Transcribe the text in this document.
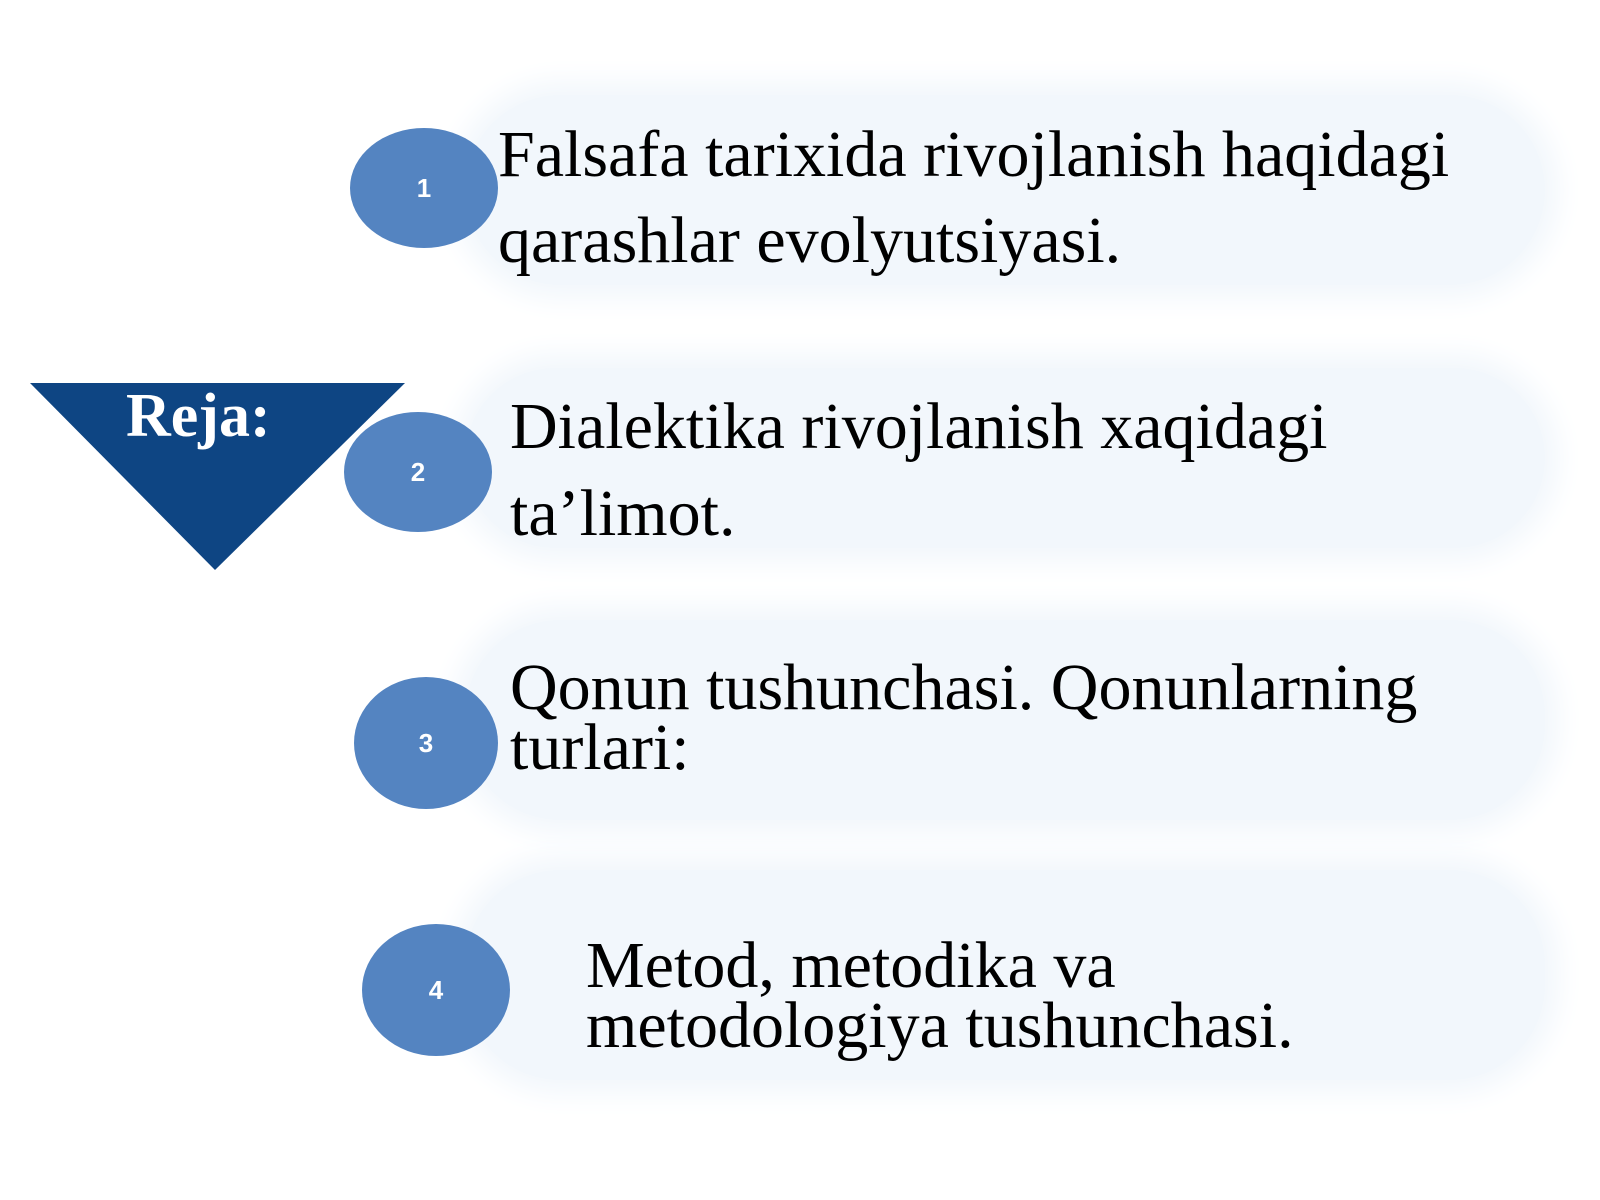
Reja:
1
2
3
4
Falsafa tarixida rivojlanish haqidagi qarashlar evolyutsiyasi.
Dialektika rivojlanish xaqidagi ta’limot.
Qonun tushunchasi. Qonunlarning turlari:
Metod, metodika va metodologiya tushunchasi.
